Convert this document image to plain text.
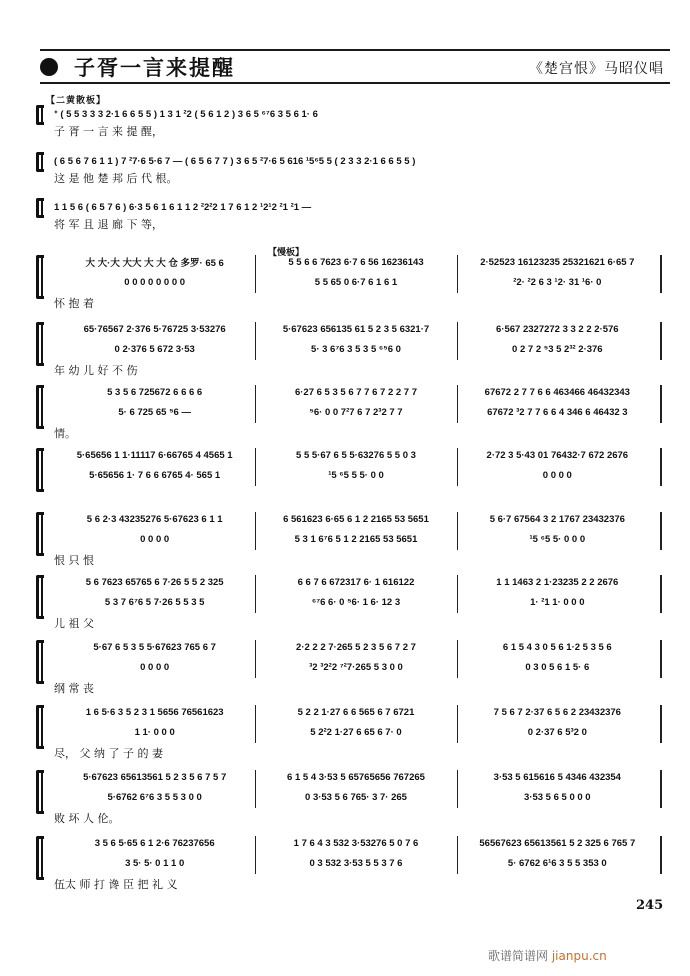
子胥一言来提醒	《楚宫恨》马昭仪唱
【二黄散板】
ᐩ ( 5 5 3 3 3 2·1 6 6 5 5 ) 1 3 1 ²2 ( 5 6 1 2 ) 3 6 5 ⁶⁷6 3 5 6 1· 6
子 胥 一 言 来 提 醒，
( 6 5 6 7 6 1 1 ) 7 ²7·6 5·6 7 — ( 6 5 6 7 7 ) 3 6 5 ²7·6 5 616 ¹5⁶5 5 ( 2 3 3 2·1 6 6 5 5 )
这 是 他 楚 邦 后 代 根。
1 1 5 6 ( 6 5 7 6 ) 6·3 5 6 1 6 1 1 2 ²2²2 1 7 6 1 2 ¹2¹2 ²1 ²1 —
将 军 且 退 廊 下 等，
大 大·大 大大 大 大 仓 多罗· 65 6	5 5 6 6 7623 6·7 6 56 16236143	2·52523 16123235 25321621 6·65 7
0 0 0 0 0 0 0 0	5 5 65 0 6·7 6 1 6 1	²2· ²2 6 3 ¹2· 31 ¹6· 0
怀 抱 着
65·76567 2·376 5·76725 3·53276	5·67623 656135 61 5 2 3 5 6321·7	6·567 2327272 3 3 2 2 2·576
0 2·376 5 672 3·53	5· 3 6⁷6 3 5 3 5 ⁶⁵6 0	0 2 7 2 ⁵3 5 2³² 2·376
年 幼 儿 好 不 伤
5 3 5 6 725672 6 6 6 6	6·27 6 5 3 5 6 7 7 6 7 2 2 7 7	67672 2 7 7 6 6 463466 46432343
5· 6 725 65 ⁵6 —	⁵6· 0 0 7²7 6 7 2³2 7 7	67672 ³2 7 7 6 6 4 346 6 46432 3
情。
5·65656 1 1·11117 6·66765 4 4565 1	5 5 5·67 6 5 5·63276 5 5 0 3	2·72 3 5·43 01 76432·7 672 2676
5·65656 1· 7 6 6 6765 4· 565 1	¹5 ⁶5 5 5· 0 0	0 0 0 0
5 6 2·3 43235276 5·67623 6 1 1	6 561623 6·65 6 1 2 2165 53 5651	5 6·7 67564 3 2 1767 23432376
0 0 0 0	5 3 1 6⁷6 5 1 2 2165 53 5651	¹5 ⁶5 5· 0 0 0
恨 只 恨
5 6 7623 65765 6 7·26 5 5 2 325	6 6 7 6 672317 6· 1 616122	1 1 1463 2 1·23235 2 2 2676
5 3 7 6⁷6 5 7·26 5 5 3 5	⁶⁷6 6· 0 ⁵6· 1 6· 12 3	1· ²1 1· 0 0 0
儿 祖 父
5·67 6 5 3 5 5·67623 765 6 7	2·2 2 2 7·265 5 2 3 5 6 7 2 7	6 1 5 4 3 0 5 6 1·2 5 3 5 6
0 0 0 0	³2 ³2²2 ⁷²7·265 5 3 0 0	0 3 0 5 6 1 5· 6
纲 常 丧
1 6 5·6 3 5 2 3 1 5656 76561623	5 2 2 1·27 6 6 565 6 7 6721	7 5 6 7 2·37 6 5 6 2 23432376
1 1· 0 0 0	5 2²2 1·27 6 65 6 7· 0	0 2·37 6 5³2 0
尽， 父 纳 了 子 的 妻
5·67623 65613561 5 2 3 5 6 7 5 7	6 1 5 4 3·53 5 65765656 767265	3·53 5 615616 5 4346 432354
5·6762 6⁷6 3 5 5 3 0 0	0 3·53 5 6 765· 3 7· 265	3·53 5 6 5 0 0 0
败 坏 人 伦。
3 5 6 5·65 6 1 2·6 76237656	1 7 6 4 3 532 3·53276 5 0 7 6	56567623 65613561 5 2 325 6 765 7
3 5· 5· 0 1 1 0	0 3 532 3·53 5 5 3 7 6	5· 6762 6¹6 3 5 5 353 0
伍太 师 打 谗 臣 把 礼 义
【慢板】
245
歌谱简谱网 jianpu.cn
